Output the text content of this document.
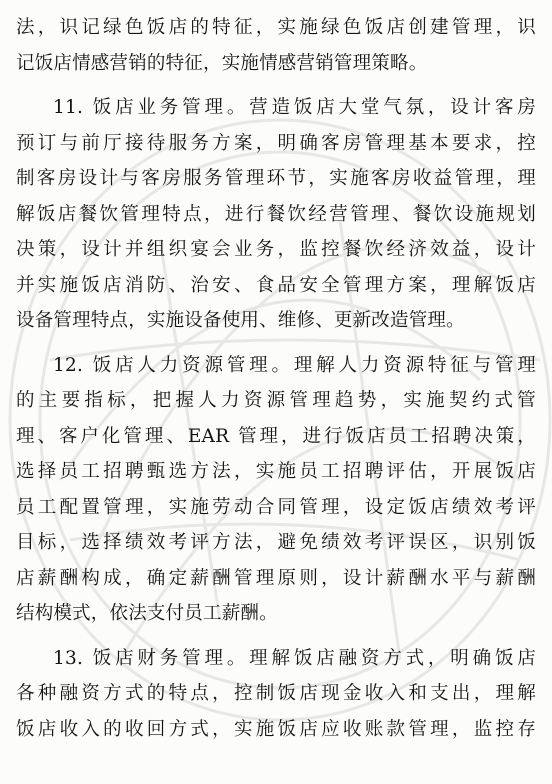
法，识记绿色饭店的特征，实施绿色饭店创建管理，识
记饭店情感营销的特征，实施情感营销管理策略。
11. 饭店业务管理。营造饭店大堂气氛，设计客房
预订与前厅接待服务方案，明确客房管理基本要求，控
制客房设计与客房服务管理环节，实施客房收益管理，理
解饭店餐饮管理特点，进行餐饮经营管理、餐饮设施规划
决策，设计并组织宴会业务，监控餐饮经济效益，设计
并实施饭店消防、治安、食品安全管理方案，理解饭店
设备管理特点，实施设备使用、维修、更新改造管理。
12. 饭店人力资源管理。理解人力资源特征与管理
的主要指标，把握人力资源管理趋势，实施契约式管
理、客户化管理、EAR 管理，进行饭店员工招聘决策，
选择员工招聘甄选方法，实施员工招聘评估，开展饭店
员工配置管理，实施劳动合同管理，设定饭店绩效考评
目标，选择绩效考评方法，避免绩效考评误区，识别饭
店薪酬构成，确定薪酬管理原则，设计薪酬水平与薪酬
结构模式，依法支付员工薪酬。
13. 饭店财务管理。理解饭店融资方式，明确饭店
各种融资方式的特点，控制饭店现金收入和支出，理解
饭店收入的收回方式，实施饭店应收账款管理，监控存
